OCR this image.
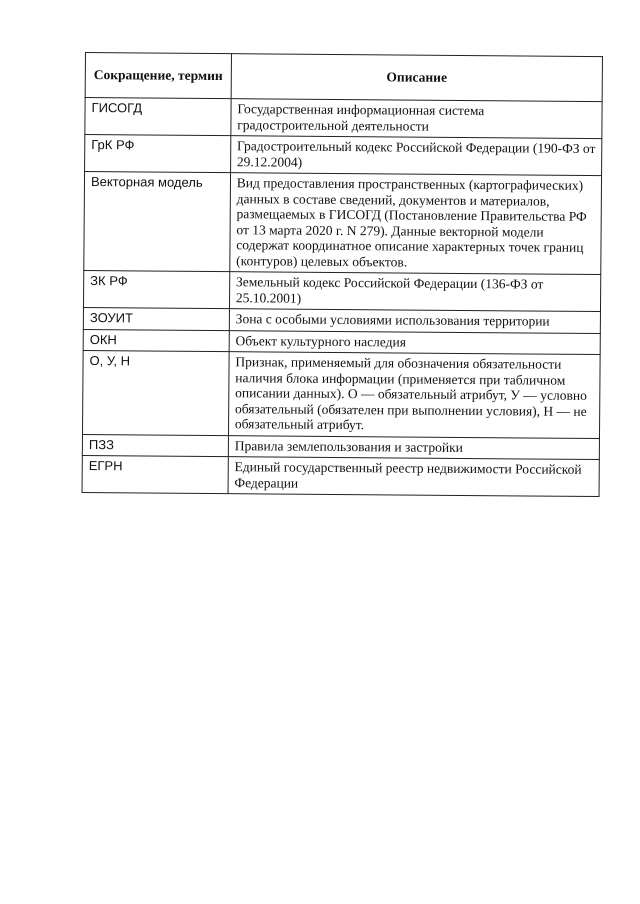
Сокращение, термин	Описание
ГИСОГД	Государственная информационная система градостроительной деятельности
ГрК РФ	Градостроительный кодекс Российской Федерации (190-ФЗ от 29.12.2004)
Векторная модель	Вид предоставления пространственных (картографических) данных в составе сведений, документов и материалов, размещаемых в ГИСОГД (Постановление Правительства РФ от 13 марта 2020 г. N 279). Данные векторной модели содержат координатное описание характерных точек границ (контуров) целевых объектов.
ЗК РФ	Земельный кодекс Российской Федерации (136-ФЗ от 25.10.2001)
ЗОУИТ	Зона с особыми условиями использования территории
ОКН	Объект культурного наследия
О, У, Н	Признак, применяемый для обозначения обязательности наличия блока информации (применяется при табличном описании данных). О — обязательный атрибут, У — условно обязательный (обязателен при выполнении условия), Н — не обязательный атрибут.
ПЗЗ	Правила землепользования и застройки
ЕГРН	Единый государственный реестр недвижимости Российской Федерации
